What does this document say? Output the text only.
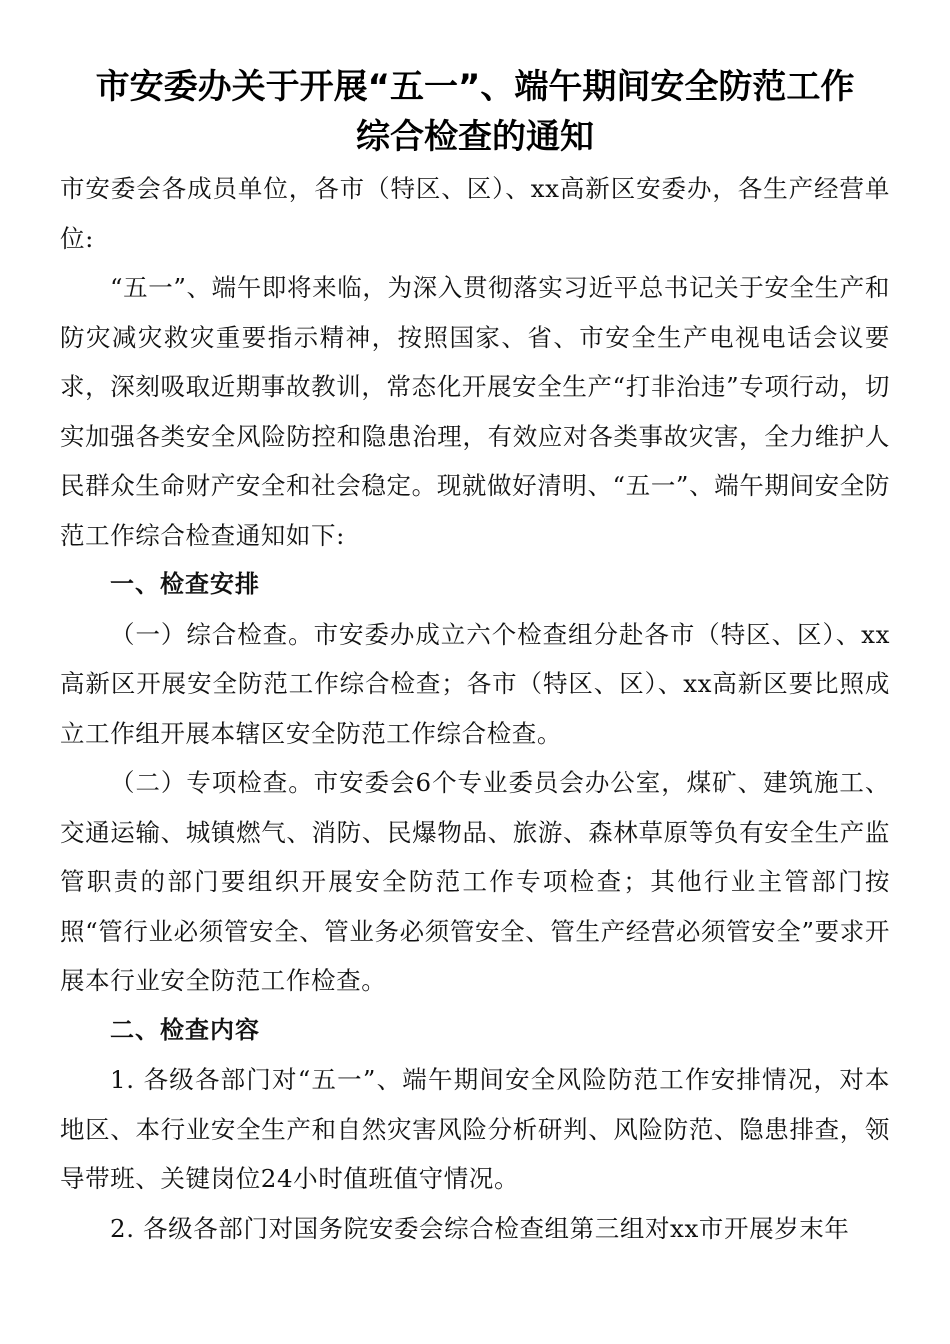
市安委办关于开展“五一”、端午期间安全防范工作
综合检查的通知

市安委会各成员单位，各市（特区、区）、xx高新区安委办，各生产经营单位:

“五一”、端午即将来临，为深入贯彻落实习近平总书记关于安全生产和防灾减灾救灾重要指示精神，按照国家、省、市安全生产电视电话会议要求，深刻吸取近期事故教训，常态化开展安全生产“打非治违”专项行动，切实加强各类安全风险防控和隐患治理，有效应对各类事故灾害，全力维护人民群众生命财产安全和社会稳定。现就做好清明、“五一”、端午期间安全防范工作综合检查通知如下:

一、检查安排

（一）综合检查。市安委办成立六个检查组分赴各市（特区、区）、xx高新区开展安全防范工作综合检查；各市（特区、区）、xx高新区要比照成立工作组开展本辖区安全防范工作综合检查。

（二）专项检查。市安委会6个专业委员会办公室，煤矿、建筑施工、交通运输、城镇燃气、消防、民爆物品、旅游、森林草原等负有安全生产监管职责的部门要组织开展安全防范工作专项检查；其他行业主管部门按照“管行业必须管安全、管业务必须管安全、管生产经营必须管安全”要求开展本行业安全防范工作检查。

二、检查内容

1. 各级各部门对“五一”、端午期间安全风险防范工作安排情况，对本地区、本行业安全生产和自然灾害风险分析研判、风险防范、隐患排查，领导带班、关键岗位24小时值班值守情况。

2. 各级各部门对国务院安委会综合检查组第三组对xx市开展岁末年
